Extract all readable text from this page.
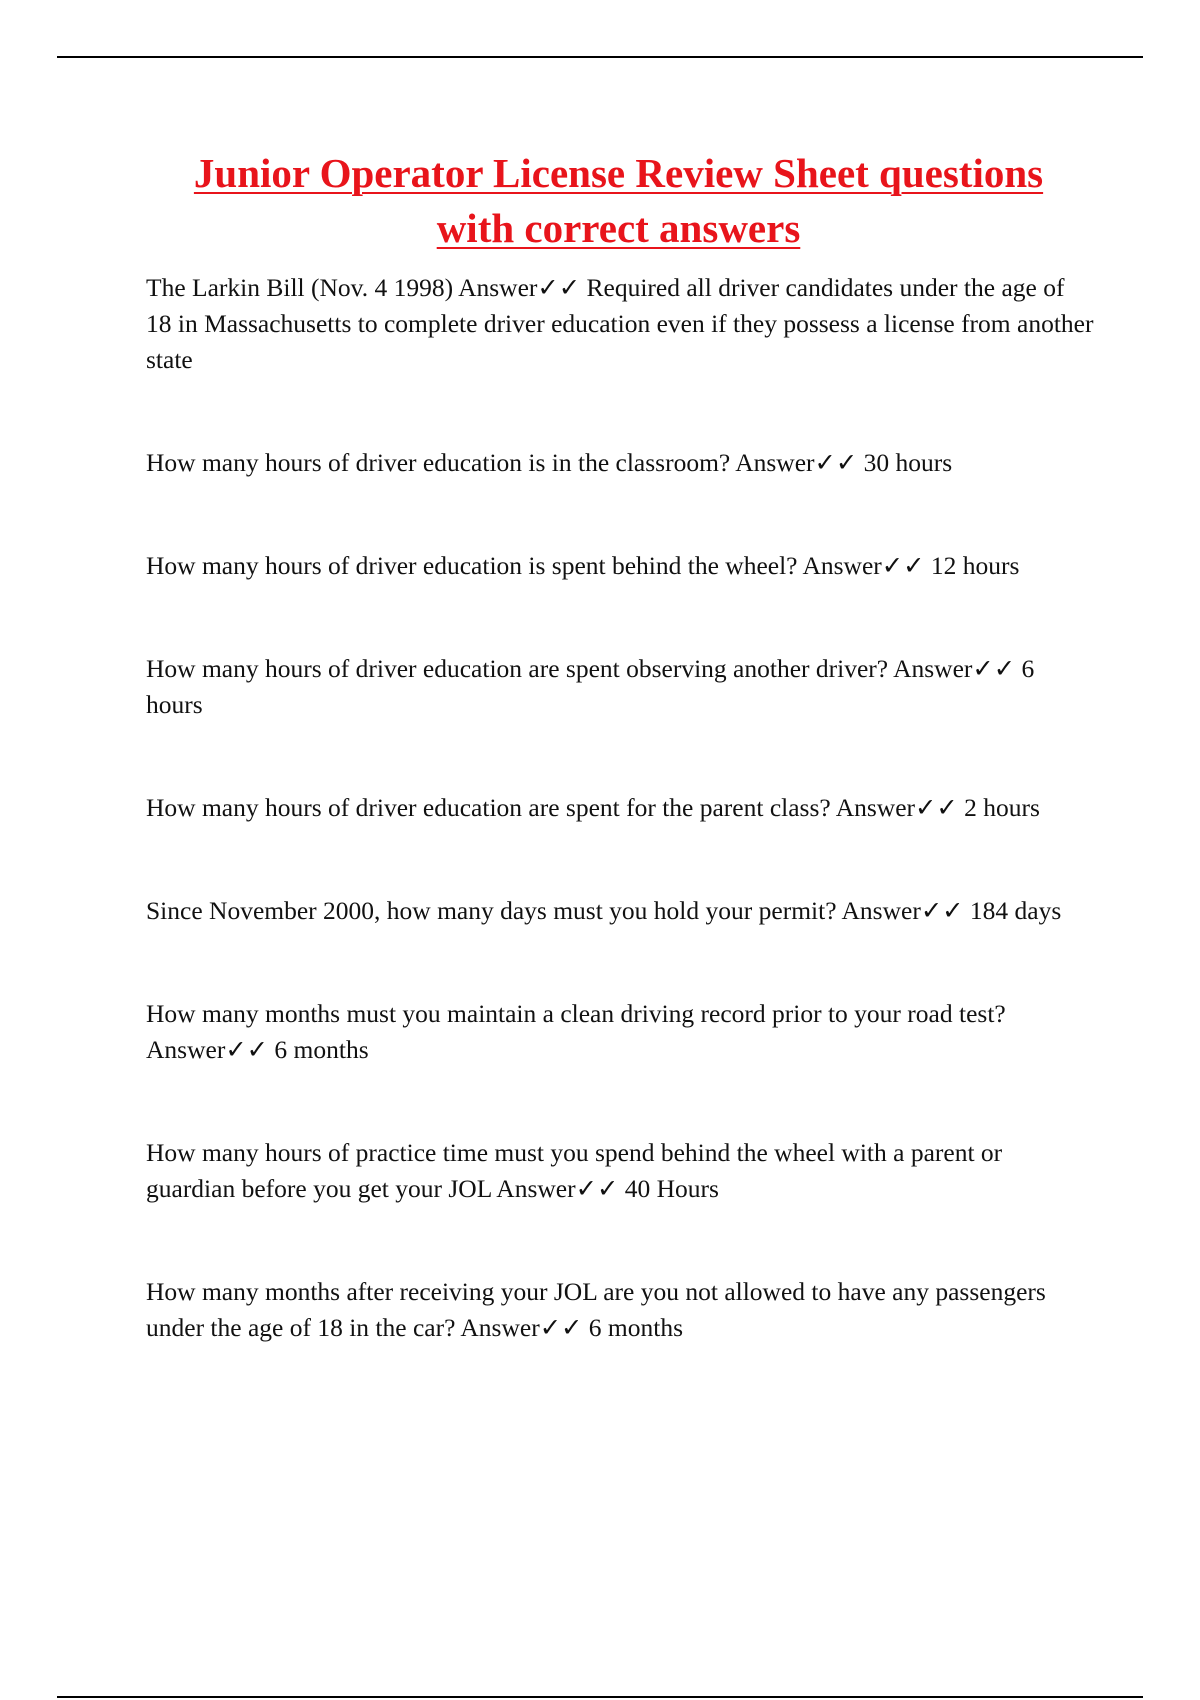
Junior Operator License Review Sheet questions
with correct answers
The Larkin Bill (Nov. 4 1998) Answer✓✓ Required all driver candidates under the age of 18 in Massachusetts to complete driver education even if they possess a license from another state
How many hours of driver education is in the classroom? Answer✓✓ 30 hours
How many hours of driver education is spent behind the wheel? Answer✓✓ 12 hours
How many hours of driver education are spent observing another driver? Answer✓✓ 6 hours
How many hours of driver education are spent for the parent class? Answer✓✓ 2 hours
Since November 2000, how many days must you hold your permit? Answer✓✓ 184 days
How many months must you maintain a clean driving record prior to your road test? Answer✓✓ 6 months
How many hours of practice time must you spend behind the wheel with a parent or guardian before you get your JOL Answer✓✓ 40 Hours
How many months after receiving your JOL are you not allowed to have any passengers under the age of 18 in the car? Answer✓✓ 6 months
